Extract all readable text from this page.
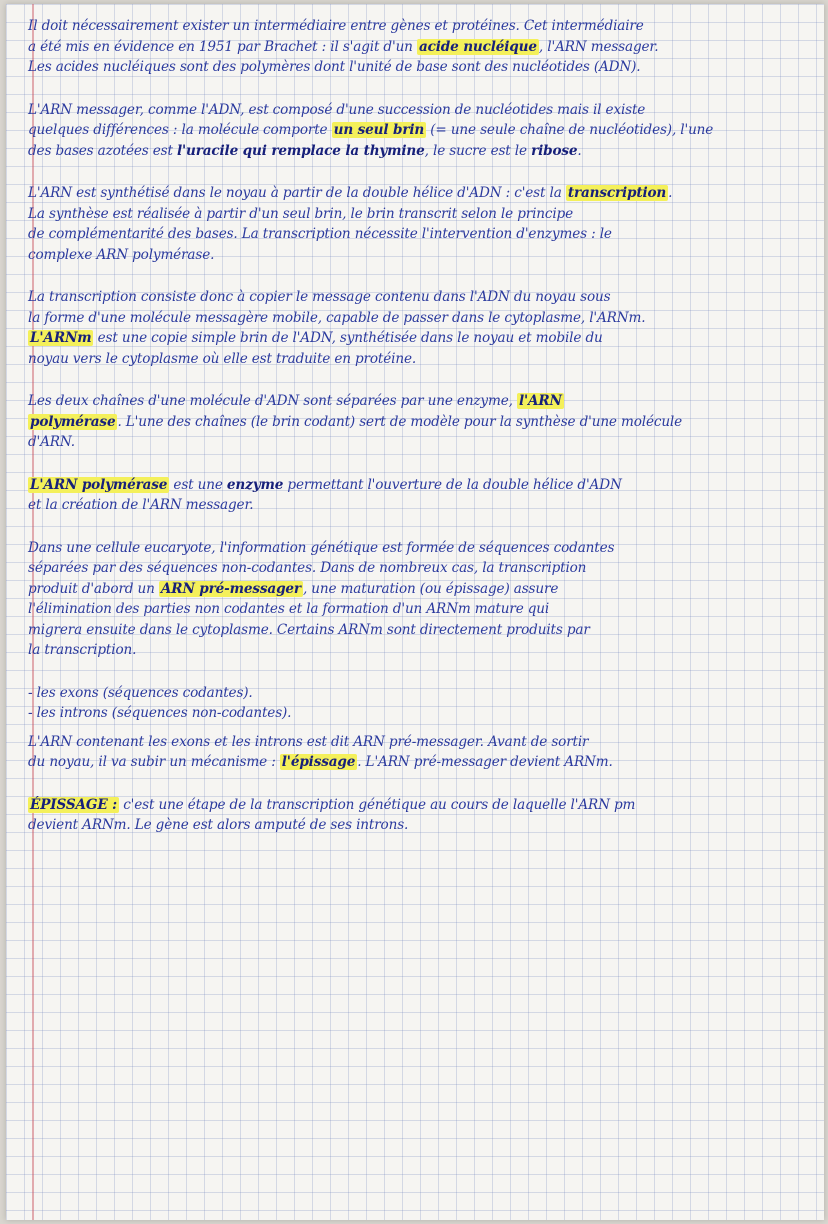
Il doit nécessairement exister un intermédiaire entre gènes et protéines. Cet intermédiaire
a été mis en évidence en 1951 par Brachet : il s'agit d'un acide nucléique , l'ARN messager.
Les acides nucléiques sont des polymères dont l'unité de base sont des nucléotides (ADN).
L'ARN messager, comme l'ADN, est composé d'une succession de nucléotides mais il existe
quelques différences : la molécule comporte un seul brin (= une seule chaîne de nucléotides), l'une
des bases azotées est l'uracile qui remplace la thymine, le sucre est le ribose.
L'ARN est synthétisé dans le noyau à partir de la double hélice d'ADN : c'est la transcription .
La synthèse est réalisée à partir d'un seul brin, le brin transcrit selon le principe
de complémentarité des bases. La transcription nécessite l'intervention d'enzymes : le
complexe ARN polymérase.
La transcription consiste donc à copier le message contenu dans l'ADN du noyau sous
la forme d'une molécule messagère mobile, capable de passer dans le cytoplasme, l'ARNm.
L'ARNm est une copie simple brin de l'ADN, synthétisée dans le noyau et mobile du
noyau vers le cytoplasme où elle est traduite en protéine.
Les deux chaînes d'une molécule d'ADN sont séparées par une enzyme, l'ARN
polymérase . L'une des chaînes (le brin codant) sert de modèle pour la synthèse d'une molécule
d'ARN.
L'ARN polymérase est une enzyme permettant l'ouverture de la double hélice d'ADN
et la création de l'ARN messager.
Dans une cellule eucaryote, l'information génétique est formée de séquences codantes
séparées par des séquences non-codantes. Dans de nombreux cas, la transcription
produit d'abord un ARN pré-messager , une maturation (ou épissage) assure
l'élimination des parties non codantes et la formation d'un ARNm mature qui
migrera ensuite dans le cytoplasme. Certains ARNm sont directement produits par
la transcription.
- les exons (séquences codantes).
- les introns (séquences non-codantes).
L'ARN contenant les exons et les introns est dit ARN pré-messager. Avant de sortir
du noyau, il va subir un mécanisme : l'épissage . L'ARN pré-messager devient ARNm.
ÉPISSAGE : c'est une étape de la transcription génétique au cours de laquelle l'ARN pm
devient ARNm. Le gène est alors amputé de ses introns.
